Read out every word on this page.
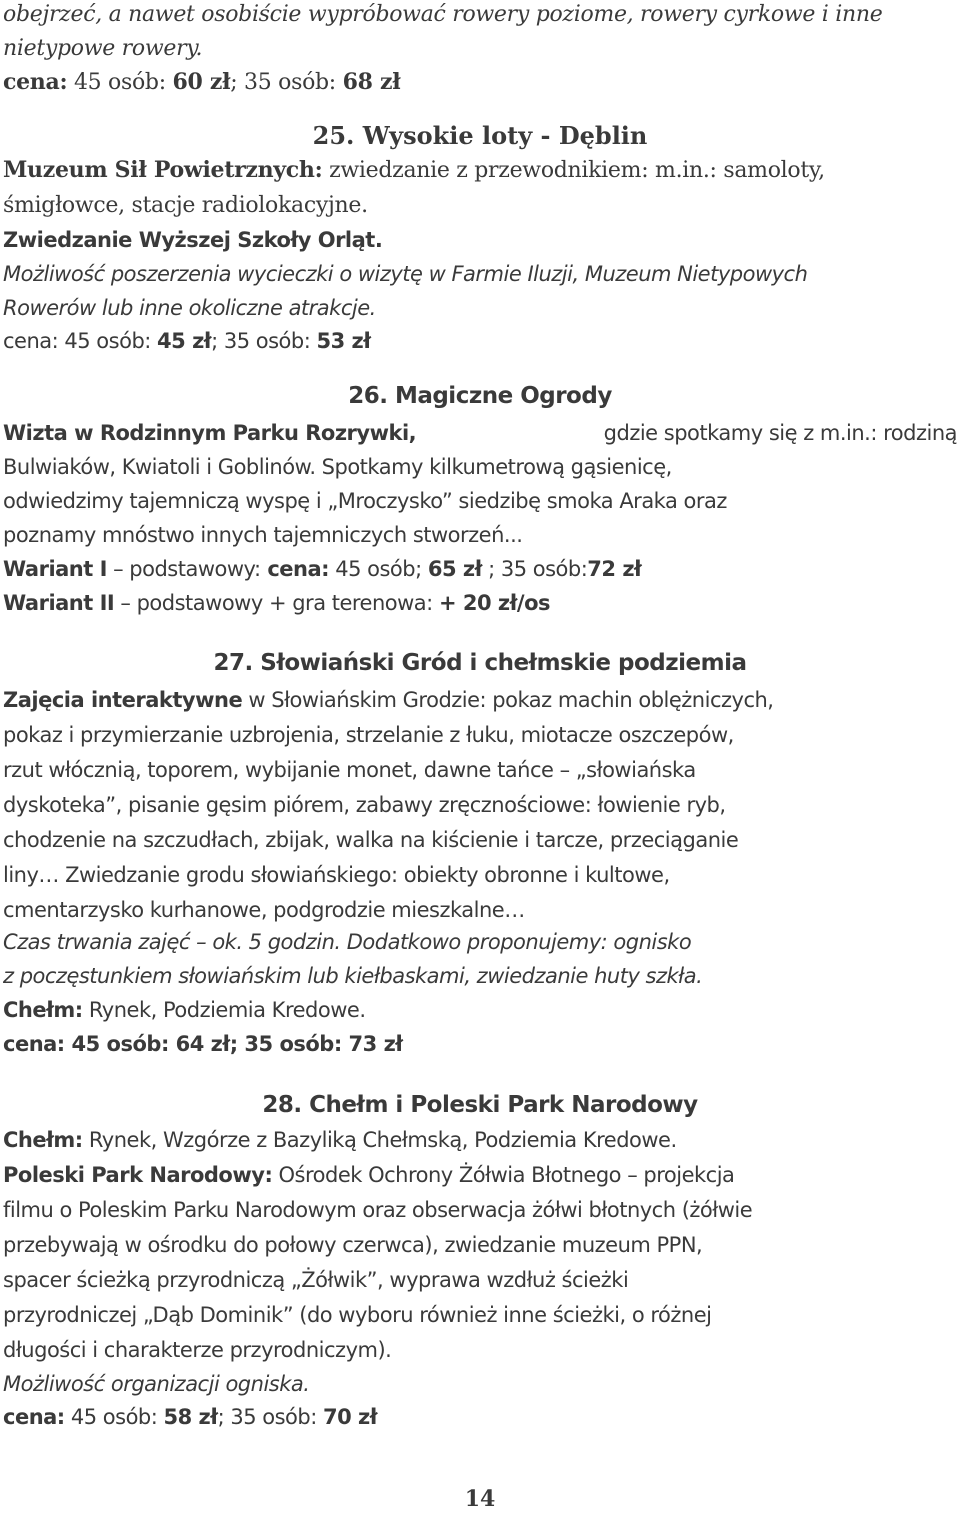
obejrzeć, a nawet osobiście wypróbować rowery poziome, rowery cyrkowe i inne
nietypowe rowery.
cena: 45 osób: 60 zł; 35 osób: 68 zł
25. Wysokie loty - Dęblin
Muzeum Sił Powietrznych: zwiedzanie z przewodnikiem: m.in.: samoloty,
śmigłowce, stacje radiolokacyjne.
Zwiedzanie Wyższej Szkoły Orląt.
Możliwość poszerzenia wycieczki o wizytę w Farmie Iluzji, Muzeum Nietypowych
Rowerów lub inne okoliczne atrakcje.
cena: 45 osób: 45 zł; 35 osób: 53 zł
26. Magiczne Ogrody
Wizta w Rodzinnym Parku Rozrywki,	gdzie spotkamy się z m.in.: rodziną
Bulwiaków, Kwiatoli i Goblinów. Spotkamy kilkumetrową gąsienicę,
odwiedzimy tajemniczą wyspę i „Mroczysko” siedzibę smoka Araka oraz
poznamy mnóstwo innych tajemniczych stworzeń...
Wariant I – podstawowy: cena: 45 osób; 65 zł ; 35 osób:72 zł
Wariant II – podstawowy + gra terenowa: + 20 zł/os
27. Słowiański Gród i chełmskie podziemia
Zajęcia interaktywne w Słowiańskim Grodzie: pokaz machin oblężniczych,
pokaz i przymierzanie uzbrojenia, strzelanie z łuku, miotacze oszczepów,
rzut włócznią, toporem, wybijanie monet, dawne tańce – „słowiańska
dyskoteka”, pisanie gęsim piórem, zabawy zręcznościowe: łowienie ryb,
chodzenie na szczudłach, zbijak, walka na kiścienie i tarcze, przeciąganie
liny… Zwiedzanie grodu słowiańskiego: obiekty obronne i kultowe,
cmentarzysko kurhanowe, podgrodzie mieszkalne…
Czas trwania zajęć – ok. 5 godzin. Dodatkowo proponujemy: ognisko
z poczęstunkiem słowiańskim lub kiełbaskami, zwiedzanie huty szkła.
Chełm: Rynek, Podziemia Kredowe.
cena: 45 osób: 64 zł; 35 osób: 73 zł
28. Chełm i Poleski Park Narodowy
Chełm: Rynek, Wzgórze z Bazyliką Chełmską, Podziemia Kredowe.
Poleski Park Narodowy: Ośrodek Ochrony Żółwia Błotnego – projekcja
filmu o Poleskim Parku Narodowym oraz obserwacja żółwi błotnych (żółwie
przebywają w ośrodku do połowy czerwca), zwiedzanie muzeum PPN,
spacer ścieżką przyrodniczą „Żółwik”, wyprawa wzdłuż ścieżki
przyrodniczej „Dąb Dominik” (do wyboru również inne ścieżki, o różnej
długości i charakterze przyrodniczym).
Możliwość organizacji ogniska.
cena: 45 osób: 58 zł; 35 osób: 70 zł
14
